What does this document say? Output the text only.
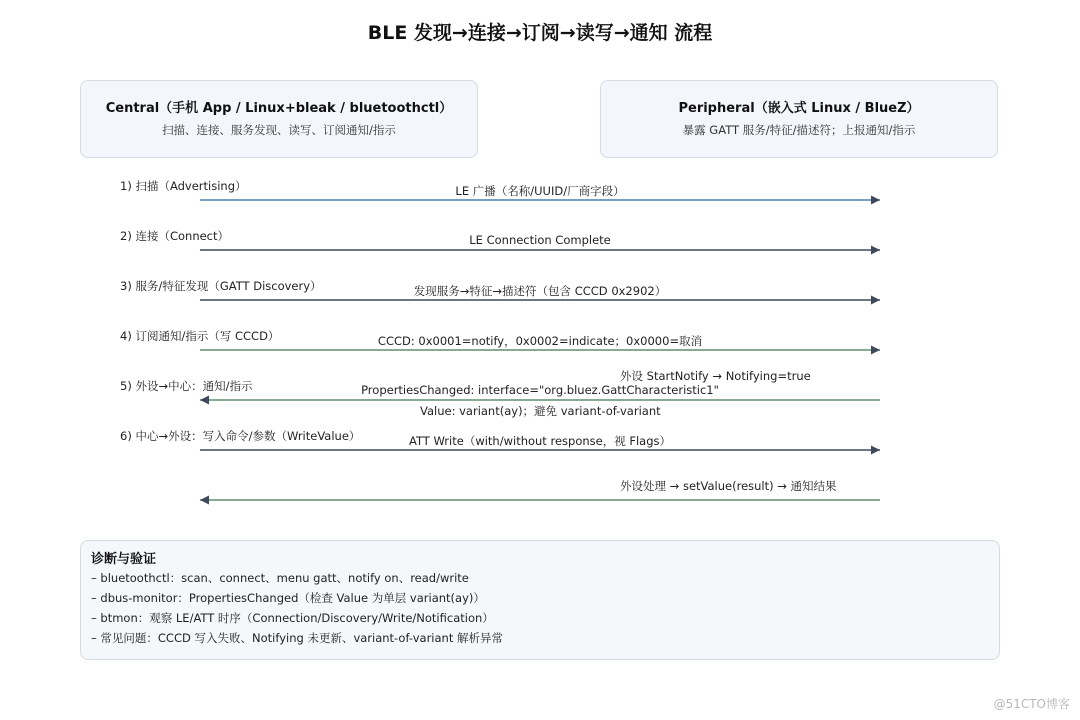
BLE 发现→连接→订阅→读写→通知 流程
Central（手机 App / Linux+bleak / bluetoothctl）
扫描、连接、服务发现、读写、订阅通知/指示
Peripheral（嵌入式 Linux / BlueZ）
暴露 GATT 服务/特征/描述符；上报通知/指示
1) 扫描（Advertising）
2) 连接（Connect）
3) 服务/特征发现（GATT Discovery）
4) 订阅通知/指示（写 CCCD）
5) 外设→中心：通知/指示
6) 中心→外设：写入命令/参数（WriteValue）
LE 广播（名称/UUID/厂商字段）
LE Connection Complete
发现服务→特征→描述符（包含 CCCD 0x2902）
CCCD: 0x0001=notify，0x0002=indicate；0x0000=取消
外设 StartNotify → Notifying=true
PropertiesChanged: interface="org.bluez.GattCharacteristic1"
Value: variant(ay)；避免 variant-of-variant
ATT Write（with/without response，视 Flags）
外设处理 → setValue(result) → 通知结果
诊断与验证
– bluetoothctl：scan、connect、menu gatt、notify on、read/write
– dbus-monitor：PropertiesChanged（检查 Value 为单层 variant(ay)）
– btmon：观察 LE/ATT 时序（Connection/Discovery/Write/Notification）
– 常见问题：CCCD 写入失败、Notifying 未更新、variant-of-variant 解析异常
@51CTO博客
